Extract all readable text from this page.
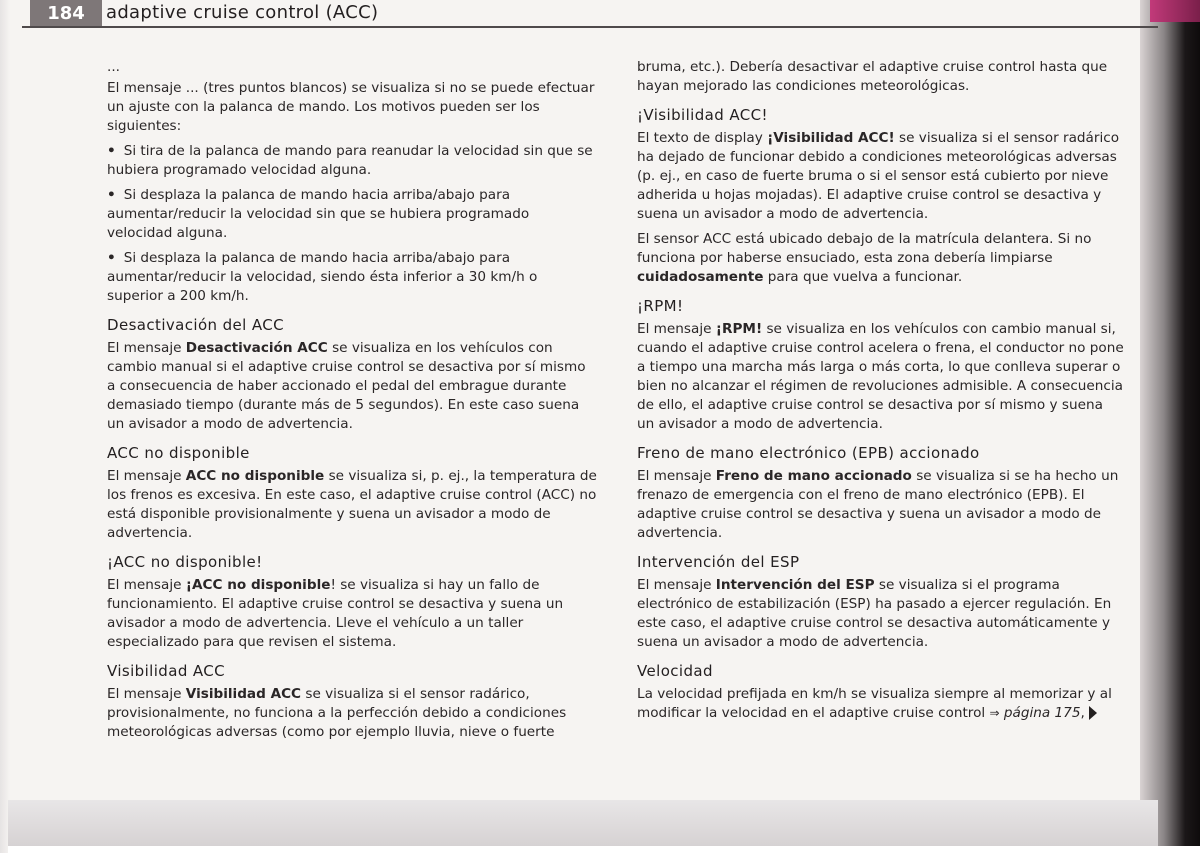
184	adaptive cruise control (ACC)

...

El mensaje ... (tres puntos blancos) se visualiza si no se puede efectuar un ajuste con la palanca de mando. Los motivos pueden ser los siguientes:

• Si tira de la palanca de mando para reanudar la velocidad sin que se hubiera programado velocidad alguna.

• Si desplaza la palanca de mando hacia arriba/abajo para aumentar/reducir la velocidad sin que se hubiera programado velocidad alguna.

• Si desplaza la palanca de mando hacia arriba/abajo para aumentar/reducir la velocidad, siendo ésta inferior a 30 km/h o superior a 200 km/h.

Desactivación del ACC

El mensaje Desactivación ACC se visualiza en los vehículos con cambio manual si el adaptive cruise control se desactiva por sí mismo a consecuencia de haber accionado el pedal del embrague durante demasiado tiempo (durante más de 5 segundos). En este caso suena un avisador a modo de advertencia.

ACC no disponible

El mensaje ACC no disponible se visualiza si, p. ej., la temperatura de los frenos es excesiva. En este caso, el adaptive cruise control (ACC) no está disponible provisionalmente y suena un avisador a modo de advertencia.

¡ACC no disponible!

El mensaje ¡ACC no disponible! se visualiza si hay un fallo de funcionamiento. El adaptive cruise control se desactiva y suena un avisador a modo de advertencia. Lleve el vehículo a un taller especializado para que revisen el sistema.

Visibilidad ACC

El mensaje Visibilidad ACC se visualiza si el sensor radárico, provisionalmente, no funciona a la perfección debido a condiciones meteorológicas adversas (como por ejemplo lluvia, nieve o fuerte

bruma, etc.). Debería desactivar el adaptive cruise control hasta que hayan mejorado las condiciones meteorológicas.

¡Visibilidad ACC!

El texto de display ¡Visibilidad ACC! se visualiza si el sensor radárico ha dejado de funcionar debido a condiciones meteorológicas adversas (p. ej., en caso de fuerte bruma o si el sensor está cubierto por nieve adherida u hojas mojadas). El adaptive cruise control se desactiva y suena un avisador a modo de advertencia.

El sensor ACC está ubicado debajo de la matrícula delantera. Si no funciona por haberse ensuciado, esta zona debería limpiarse cuidadosamente para que vuelva a funcionar.

¡RPM!

El mensaje ¡RPM! se visualiza en los vehículos con cambio manual si, cuando el adaptive cruise control acelera o frena, el conductor no pone a tiempo una marcha más larga o más corta, lo que conlleva superar o bien no alcanzar el régimen de revoluciones admisible. A consecuencia de ello, el adaptive cruise control se desactiva por sí mismo y suena un avisador a modo de advertencia.

Freno de mano electrónico (EPB) accionado

El mensaje Freno de mano accionado se visualiza si se ha hecho un frenazo de emergencia con el freno de mano electrónico (EPB). El adaptive cruise control se desactiva y suena un avisador a modo de advertencia.

Intervención del ESP

El mensaje Intervención del ESP se visualiza si el programa electrónico de estabilización (ESP) ha pasado a ejercer regulación. En este caso, el adaptive cruise control se desactiva automáticamente y suena un avisador a modo de advertencia.

Velocidad

La velocidad prefijada en km/h se visualiza siempre al memorizar y al modificar la velocidad en el adaptive cruise control ⇒ página 175,
